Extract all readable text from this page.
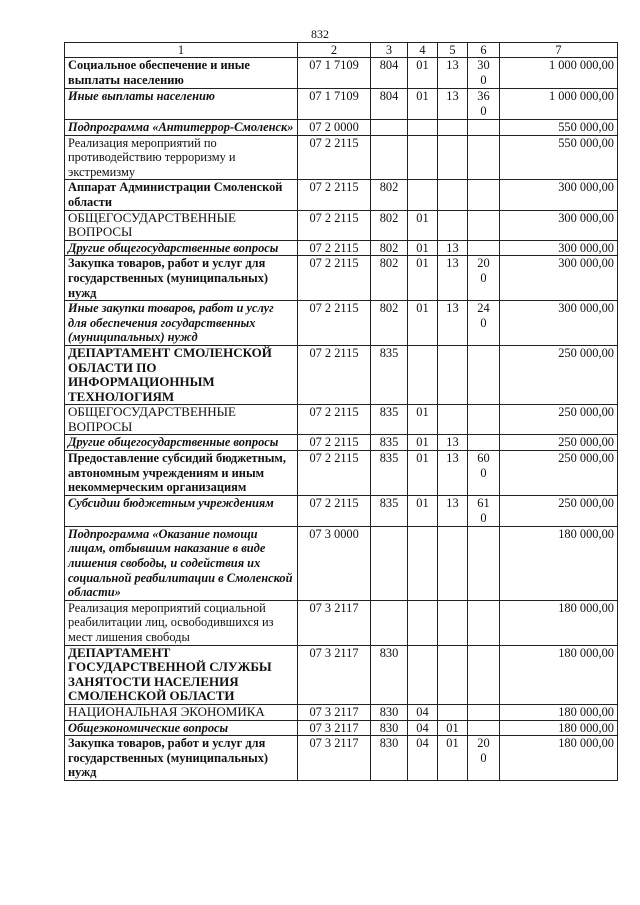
832
1	2	3	4	5	6	7
Социальное обеспечение и иные выплаты населению	07 1 7109	804	01	13	300	1 000 000,00
Иные выплаты населению	07 1 7109	804	01	13	360	1 000 000,00
Подпрограмма «Антитеррор-Смоленск»	07 2 0000					550 000,00
Реализация мероприятий по противодействию терроризму и экстремизму	07 2 2115					550 000,00
Аппарат Администрации Смоленской области	07 2 2115	802				300 000,00
ОБЩЕГОСУДАРСТВЕННЫЕ ВОПРОСЫ	07 2 2115	802	01			300 000,00
Другие общегосударственные вопросы	07 2 2115	802	01	13		300 000,00
Закупка товаров, работ и услуг для государственных (муниципальных) нужд	07 2 2115	802	01	13	200	300 000,00
Иные закупки товаров, работ и услуг для обеспечения государственных (муниципальных) нужд	07 2 2115	802	01	13	240	300 000,00
ДЕПАРТАМЕНТ СМОЛЕНСКОЙ ОБЛАСТИ ПО ИНФОРМАЦИОННЫМ ТЕХНОЛОГИЯМ	07 2 2115	835				250 000,00
ОБЩЕГОСУДАРСТВЕННЫЕ ВОПРОСЫ	07 2 2115	835	01			250 000,00
Другие общегосударственные вопросы	07 2 2115	835	01	13		250 000,00
Предоставление субсидий бюджетным, автономным учреждениям и иным некоммерческим организациям	07 2 2115	835	01	13	600	250 000,00
Субсидии бюджетным учреждениям	07 2 2115	835	01	13	610	250 000,00
Подпрограмма «Оказание помощи лицам, отбывшим наказание в виде лишения свободы, и содействия их социальной реабилитации в Смоленской области»	07 3 0000					180 000,00
Реализация мероприятий социальной реабилитации лиц, освободившихся из мест лишения свободы	07 3 2117					180 000,00
ДЕПАРТАМЕНТ ГОСУДАРСТВЕННОЙ СЛУЖБЫ ЗАНЯТОСТИ НАСЕЛЕНИЯ СМОЛЕНСКОЙ ОБЛАСТИ	07 3 2117	830				180 000,00
НАЦИОНАЛЬНАЯ ЭКОНОМИКА	07 3 2117	830	04			180 000,00
Общеэкономические вопросы	07 3 2117	830	04	01		180 000,00
Закупка товаров, работ и услуг для государственных (муниципальных) нужд	07 3 2117	830	04	01	200	180 000,00
